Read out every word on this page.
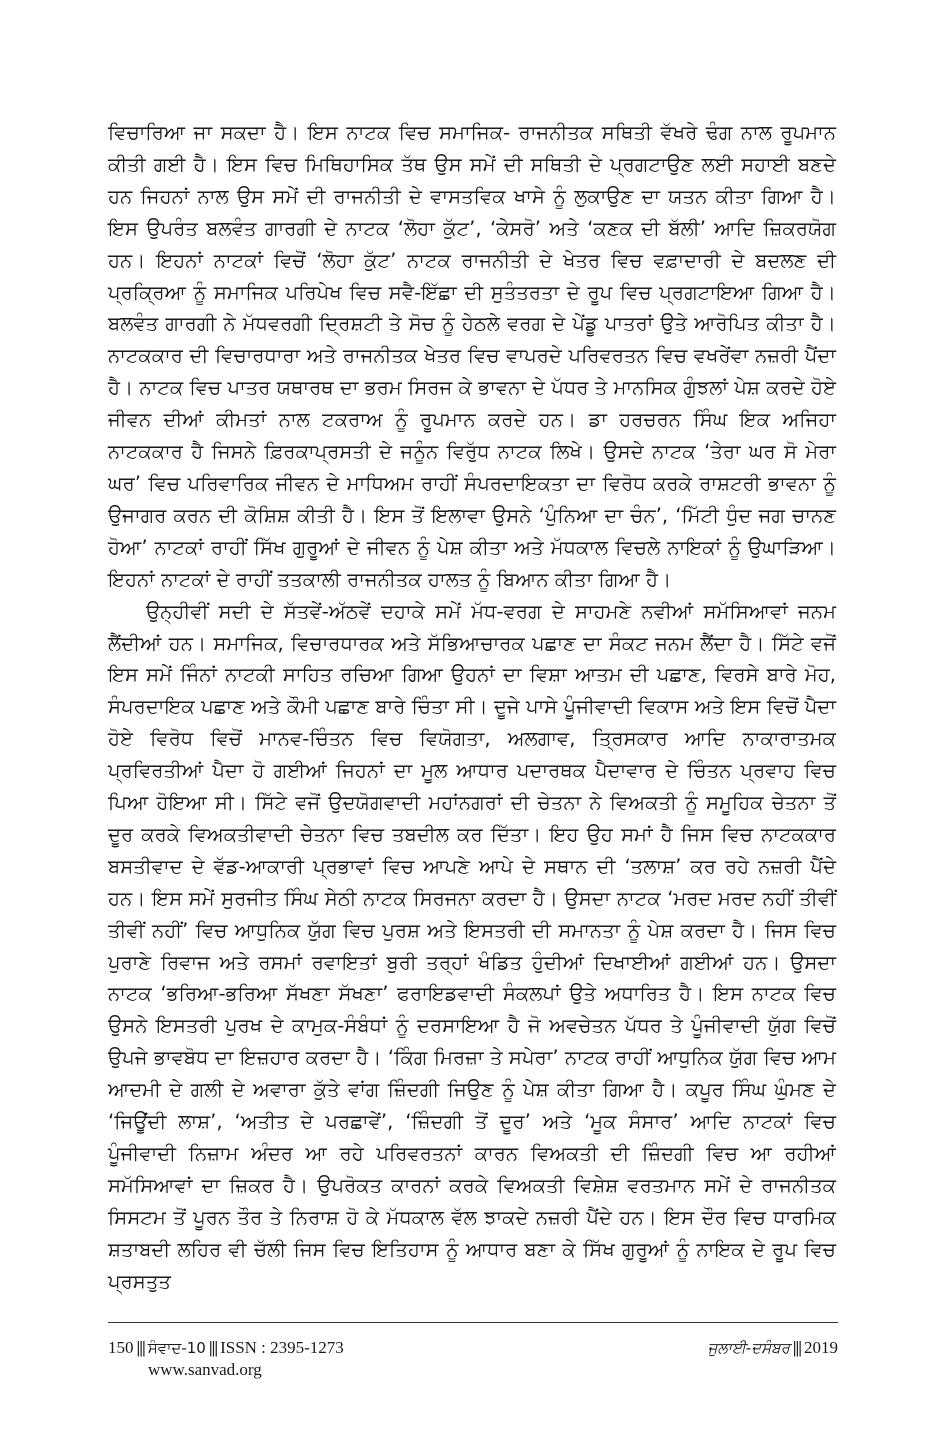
ਵਿਚਾਰਿਆ ਜਾ ਸਕਦਾ ਹੈ। ਇਸ ਨਾਟਕ ਵਿਚ ਸਮਾਜਿਕ- ਰਾਜਨੀਤਕ ਸਥਿਤੀ ਵੱਖਰੇ ਢੰਗ ਨਾਲ ਰੂਪਮਾਨ ਕੀਤੀ ਗਈ ਹੈ। ਇਸ ਵਿਚ ਮਿਥਿਹਾਸਿਕ ਤੱਥ ਉਸ ਸਮੇਂ ਦੀ ਸਥਿਤੀ ਦੇ ਪ੍ਰਗਟਾਉਣ ਲਈ ਸਹਾਈ ਬਣਦੇ ਹਨ ਜਿਹਨਾਂ ਨਾਲ ਉਸ ਸਮੇਂ ਦੀ ਰਾਜਨੀਤੀ ਦੇ ਵਾਸਤਵਿਕ ਖਾਸੇ ਨੂੰ ਲੁਕਾਉਣ ਦਾ ਯਤਨ ਕੀਤਾ ਗਿਆ ਹੈ। ਇਸ ਉਪਰੰਤ ਬਲਵੰਤ ਗਾਰਗੀ ਦੇ ਨਾਟਕ ‘ਲੋਹਾ ਕੁੱਟ’, ‘ਕੇਸਰੋ’ ਅਤੇ ‘ਕਣਕ ਦੀ ਬੱਲੀ’ ਆਦਿ ਜ਼ਿਕਰਯੋਗ ਹਨ। ਇਹਨਾਂ ਨਾਟਕਾਂ ਵਿਚੋਂ ‘ਲੋਹਾ ਕੁੱਟ’ ਨਾਟਕ ਰਾਜਨੀਤੀ ਦੇ ਖੇਤਰ ਵਿਚ ਵਫ਼ਾਦਾਰੀ ਦੇ ਬਦਲਣ ਦੀ ਪ੍ਰਕ੍ਰਿਆ ਨੂੰ ਸਮਾਜਿਕ ਪਰਿਪੇਖ ਵਿਚ ਸਵੈ-ਇੱਛਾ ਦੀ ਸੁਤੰਤਰਤਾ ਦੇ ਰੂਪ ਵਿਚ ਪ੍ਰਗਟਾਇਆ ਗਿਆ ਹੈ। ਬਲਵੰਤ ਗਾਰਗੀ ਨੇ ਮੱਧਵਰਗੀ ਦ੍ਰਿਸ਼ਟੀ ਤੇ ਸੋਚ ਨੂੰ ਹੇਠਲੇ ਵਰਗ ਦੇ ਪੇਂਡੂ ਪਾਤਰਾਂ ਉਤੇ ਆਰੋਪਿਤ ਕੀਤਾ ਹੈ। ਨਾਟਕਕਾਰ ਦੀ ਵਿਚਾਰਧਾਰਾ ਅਤੇ ਰਾਜਨੀਤਕ ਖੇਤਰ ਵਿਚ ਵਾਪਰਦੇ ਪਰਿਵਰਤਨ ਵਿਚ ਵਖਰੇਂਵਾ ਨਜ਼ਰੀ ਪੈਂਦਾ ਹੈ। ਨਾਟਕ ਵਿਚ ਪਾਤਰ ਯਥਾਰਥ ਦਾ ਭਰਮ ਸਿਰਜ ਕੇ ਭਾਵਨਾ ਦੇ ਪੱਧਰ ਤੇ ਮਾਨਸਿਕ ਗੁੰਝਲਾਂ ਪੇਸ਼ ਕਰਦੇ ਹੋਏ ਜੀਵਨ ਦੀਆਂ ਕੀਮਤਾਂ ਨਾਲ ਟਕਰਾਅ ਨੂੰ ਰੂਪਮਾਨ ਕਰਦੇ ਹਨ। ਡਾ ਹਰਚਰਨ ਸਿੰਘ ਇਕ ਅਜਿਹਾ ਨਾਟਕਕਾਰ ਹੈ ਜਿਸਨੇ ਫ਼ਿਰਕਾਪ੍ਰਸਤੀ ਦੇ ਜਨੂੰਨ ਵਿਰੁੱਧ ਨਾਟਕ ਲਿਖੇ। ਉਸਦੇ ਨਾਟਕ ‘ਤੇਰਾ ਘਰ ਸੋ ਮੇਰਾ ਘਰ’ ਵਿਚ ਪਰਿਵਾਰਿਕ ਜੀਵਨ ਦੇ ਮਾਧਿਅਮ ਰਾਹੀਂ ਸੰਪਰਦਾਇਕਤਾ ਦਾ ਵਿਰੋਧ ਕਰਕੇ ਰਾਸ਼ਟਰੀ ਭਾਵਨਾ ਨੂੰ ਉਜਾਗਰ ਕਰਨ ਦੀ ਕੋਸ਼ਿਸ਼ ਕੀਤੀ ਹੈ। ਇਸ ਤੋਂ ਇਲਾਵਾ ਉਸਨੇ ‘ਪੁੰਨਿਆ ਦਾ ਚੰਨ’, ‘ਮਿੱਟੀ ਧੁੰਦ ਜਗ ਚਾਨਣ ਹੋਆ’ ਨਾਟਕਾਂ ਰਾਹੀਂ ਸਿੱਖ ਗੁਰੂਆਂ ਦੇ ਜੀਵਨ ਨੂੰ ਪੇਸ਼ ਕੀਤਾ ਅਤੇ ਮੱਧਕਾਲ ਵਿਚਲੇ ਨਾਇਕਾਂ ਨੂੰ ਉਘਾੜਿਆ। ਇਹਨਾਂ ਨਾਟਕਾਂ ਦੇ ਰਾਹੀਂ ਤਤਕਾਲੀ ਰਾਜਨੀਤਕ ਹਾਲਤ ਨੂੰ ਬਿਆਨ ਕੀਤਾ ਗਿਆ ਹੈ।

ਉਨ੍ਹੀਵੀਂ ਸਦੀ ਦੇ ਸੱਤਵੇਂ-ਅੱਠਵੇਂ ਦਹਾਕੇ ਸਮੇਂ ਮੱਧ-ਵਰਗ ਦੇ ਸਾਹਮਣੇ ਨਵੀਆਂ ਸਮੱਸਿਆਵਾਂ ਜਨਮ ਲੈਂਦੀਆਂ ਹਨ। ਸਮਾਜਿਕ, ਵਿਚਾਰਧਾਰਕ ਅਤੇ ਸੱਭਿਆਚਾਰਕ ਪਛਾਣ ਦਾ ਸੰਕਟ ਜਨਮ ਲੈਂਦਾ ਹੈ। ਸਿੱਟੇ ਵਜੋਂ ਇਸ ਸਮੇਂ ਜਿੰਨਾਂ ਨਾਟਕੀ ਸਾਹਿਤ ਰਚਿਆ ਗਿਆ ਉਹਨਾਂ ਦਾ ਵਿਸ਼ਾ ਆਤਮ ਦੀ ਪਛਾਣ, ਵਿਰਸੇ ਬਾਰੇ ਮੋਹ, ਸੰਪਰਦਾਇਕ ਪਛਾਣ ਅਤੇ ਕੌਮੀ ਪਛਾਣ ਬਾਰੇ ਚਿੰਤਾ ਸੀ। ਦੂਜੇ ਪਾਸੇ ਪੂੰਜੀਵਾਦੀ ਵਿਕਾਸ ਅਤੇ ਇਸ ਵਿਚੋਂ ਪੈਦਾ ਹੋਏ ਵਿਰੋਧ ਵਿਚੋਂ ਮਾਨਵ-ਚਿੰਤਨ ਵਿਚ ਵਿਯੋਗਤਾ, ਅਲਗਾਵ, ਤ੍ਰਿਸਕਾਰ ਆਦਿ ਨਾਕਾਰਾਤਮਕ ਪ੍ਰਵਿਰਤੀਆਂ ਪੈਦਾ ਹੋ ਗਈਆਂ ਜਿਹਨਾਂ ਦਾ ਮੂਲ ਆਧਾਰ ਪਦਾਰਥਕ ਪੈਦਾਵਾਰ ਦੇ ਚਿੰਤਨ ਪ੍ਰਵਾਹ ਵਿਚ ਪਿਆ ਹੋਇਆ ਸੀ। ਸਿੱਟੇ ਵਜੋਂ ਉਦਯੋਗਵਾਦੀ ਮਹਾਂਨਗਰਾਂ ਦੀ ਚੇਤਨਾ ਨੇ ਵਿਅਕਤੀ ਨੂੰ ਸਮੂਹਿਕ ਚੇਤਨਾ ਤੋਂ ਦੂਰ ਕਰਕੇ ਵਿਅਕਤੀਵਾਦੀ ਚੇਤਨਾ ਵਿਚ ਤਬਦੀਲ ਕਰ ਦਿੱਤਾ। ਇਹ ਉਹ ਸਮਾਂ ਹੈ ਜਿਸ ਵਿਚ ਨਾਟਕਕਾਰ ਬਸਤੀਵਾਦ ਦੇ ਵੱਡ-ਆਕਾਰੀ ਪ੍ਰਭਾਵਾਂ ਵਿਚ ਆਪਣੇ ਆਪੇ ਦੇ ਸਥਾਨ ਦੀ ‘ਤਲਾਸ਼’ ਕਰ ਰਹੇ ਨਜ਼ਰੀ ਪੈਂਦੇ ਹਨ। ਇਸ ਸਮੇਂ ਸੁਰਜੀਤ ਸਿੰਘ ਸੇਠੀ ਨਾਟਕ ਸਿਰਜਨਾ ਕਰਦਾ ਹੈ। ਉਸਦਾ ਨਾਟਕ ‘ਮਰਦ ਮਰਦ ਨਹੀਂ ਤੀਵੀਂ ਤੀਵੀਂ ਨਹੀਂ’ ਵਿਚ ਆਧੁਨਿਕ ਯੁੱਗ ਵਿਚ ਪੁਰਸ਼ ਅਤੇ ਇਸਤਰੀ ਦੀ ਸਮਾਨਤਾ ਨੂੰ ਪੇਸ਼ ਕਰਦਾ ਹੈ। ਜਿਸ ਵਿਚ ਪੁਰਾਣੇ ਰਿਵਾਜ ਅਤੇ ਰਸਮਾਂ ਰਵਾਇਤਾਂ ਬੁਰੀ ਤਰ੍ਹਾਂ ਖੰਡਿਤ ਹੁੰਦੀਆਂ ਦਿਖਾਈਆਂ ਗਈਆਂ ਹਨ। ਉਸਦਾ ਨਾਟਕ ‘ਭਰਿਆ-ਭਰਿਆ ਸੱਖਣਾ ਸੱਖਣਾ’ ਫਰਾਇਡਵਾਦੀ ਸੰਕਲਪਾਂ ਉਤੇ ਅਧਾਰਿਤ ਹੈ। ਇਸ ਨਾਟਕ ਵਿਚ ਉਸਨੇ ਇਸਤਰੀ ਪੁਰਖ ਦੇ ਕਾਮੁਕ-ਸੰਬੰਧਾਂ ਨੂੰ ਦਰਸਾਇਆ ਹੈ ਜੋ ਅਵਚੇਤਨ ਪੱਧਰ ਤੇ ਪੂੰਜੀਵਾਦੀ ਯੁੱਗ ਵਿਚੋਂ ਉਪਜੇ ਭਾਵਬੋਧ ਦਾ ਇਜ਼ਹਾਰ ਕਰਦਾ ਹੈ। ‘ਕਿੰਗ ਮਿਰਜ਼ਾ ਤੇ ਸਪੇਰਾ’ ਨਾਟਕ ਰਾਹੀਂ ਆਧੁਨਿਕ ਯੁੱਗ ਵਿਚ ਆਮ ਆਦਮੀ ਦੇ ਗਲੀ ਦੇ ਅਵਾਰਾ ਕੁੱਤੇ ਵਾਂਗ ਜ਼ਿੰਦਗੀ ਜਿਉਣ ਨੂੰ ਪੇਸ਼ ਕੀਤਾ ਗਿਆ ਹੈ। ਕਪੂਰ ਸਿੰਘ ਘੁੰਮਣ ਦੇ ‘ਜਿਊਂਦੀ ਲਾਸ਼’, ‘ਅਤੀਤ ਦੇ ਪਰਛਾਵੇਂ’, ‘ਜ਼ਿੰਦਗੀ ਤੋਂ ਦੂਰ’ ਅਤੇ ‘ਮੂਕ ਸੰਸਾਰ’ ਆਦਿ ਨਾਟਕਾਂ ਵਿਚ ਪੂੰਜੀਵਾਦੀ ਨਿਜ਼ਾਮ ਅੰਦਰ ਆ ਰਹੇ ਪਰਿਵਰਤਨਾਂ ਕਾਰਨ ਵਿਅਕਤੀ ਦੀ ਜ਼ਿੰਦਗੀ ਵਿਚ ਆ ਰਹੀਆਂ ਸਮੱਸਿਆਵਾਂ ਦਾ ਜ਼ਿਕਰ ਹੈ। ਉਪਰੋਕਤ ਕਾਰਨਾਂ ਕਰਕੇ ਵਿਅਕਤੀ ਵਿਸ਼ੇਸ਼ ਵਰਤਮਾਨ ਸਮੇਂ ਦੇ ਰਾਜਨੀਤਕ ਸਿਸਟਮ ਤੋਂ ਪੂਰਨ ਤੌਰ ਤੇ ਨਿਰਾਸ਼ ਹੋ ਕੇ ਮੱਧਕਾਲ ਵੱਲ ਝਾਕਦੇ ਨਜ਼ਰੀ ਪੈਂਦੇ ਹਨ। ਇਸ ਦੌਰ ਵਿਚ ਧਾਰਮਿਕ ਸ਼ਤਾਬਦੀ ਲਹਿਰ ਵੀ ਚੱਲੀ ਜਿਸ ਵਿਚ ਇਤਿਹਾਸ ਨੂੰ ਆਧਾਰ ਬਣਾ ਕੇ ਸਿੱਖ ਗੁਰੂਆਂ ਨੂੰ ਨਾਇਕ ਦੇ ਰੂਪ ਵਿਚ ਪ੍ਰਸਤੁਤ

150 ||| ਸੰਵਾਦ-10 ||| ISSN : 2395-1273
www.sanvad.org
ਜੁਲਾਈ-ਦਸੰਬਰ ||| 2019
